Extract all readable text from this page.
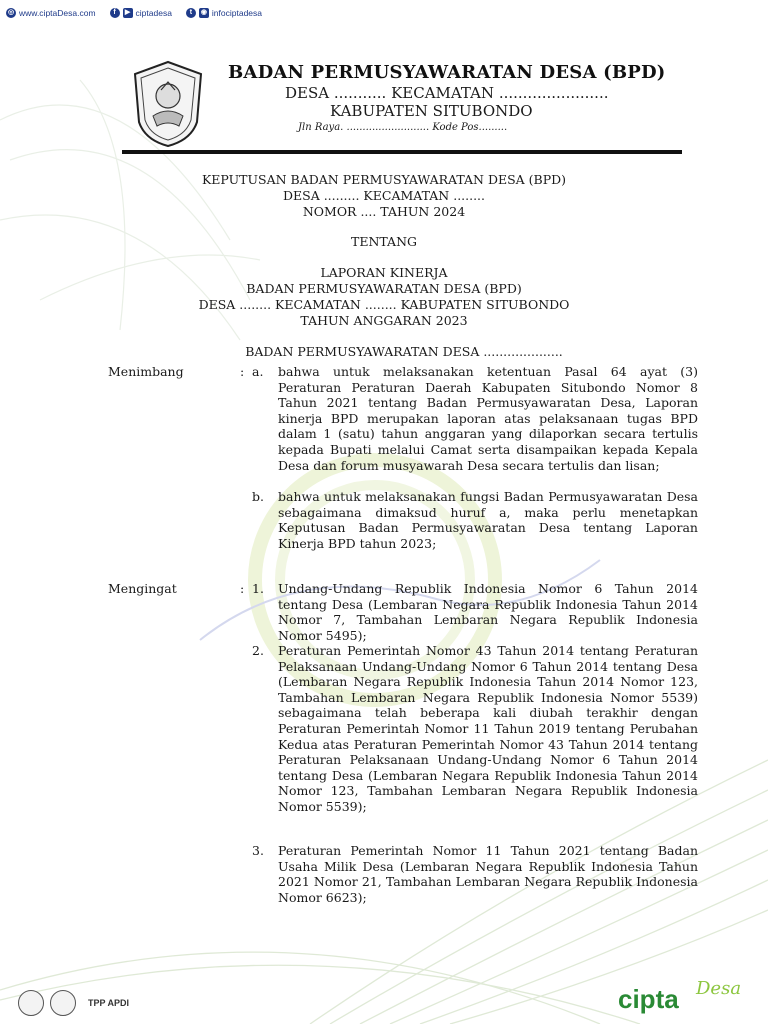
◎ www.ciptaDesa.com	f	▶ ciptadesa	t	◉ infociptadesa
BADAN PERMUSYAWARATAN DESA (BPD)
DESA ........... KECAMATAN .......................
KABUPATEN SITUBONDO
Jln Raya. .......................... Kode Pos.........
KEPUTUSAN BADAN PERMUSYAWARATAN DESA (BPD)
DESA ......... KECAMATAN ........
NOMOR .... TAHUN 2024
TENTANG
LAPORAN KINERJA
BADAN PERMUSYAWARATAN DESA (BPD)
DESA ........ KECAMATAN ........ KABUPATEN SITUBONDO
TAHUN ANGGARAN 2023
BADAN PERMUSYAWARATAN DESA ....................
Menimbang	: a. bahwa untuk melaksanakan ketentuan Pasal 64 ayat (3) Peraturan Peraturan Daerah Kabupaten Situbondo Nomor 8 Tahun 2021 tentang Badan Permusyawaratan Desa, Laporan kinerja BPD merupakan laporan atas pelaksanaan tugas BPD dalam 1 (satu) tahun anggaran yang dilaporkan secara tertulis kepada Bupati melalui Camat serta disampaikan kepada Kepala Desa dan forum musyawarah Desa secara tertulis dan lisan;
b. bahwa untuk melaksanakan fungsi Badan Permusyawaratan Desa sebagaimana dimaksud huruf a, maka perlu menetapkan Keputusan Badan Permusyawaratan Desa tentang Laporan Kinerja BPD tahun 2023;
Mengingat	: 1. Undang-Undang Republik Indonesia Nomor 6 Tahun 2014 tentang Desa (Lembaran Negara Republik Indonesia Tahun 2014 Nomor 7, Tambahan Lembaran Negara Republik Indonesia Nomor 5495);
2. Peraturan Pemerintah Nomor 43 Tahun 2014 tentang Peraturan Pelaksanaan Undang-Undang Nomor 6 Tahun 2014 tentang Desa (Lembaran Negara Republik Indonesia Tahun 2014 Nomor 123, Tambahan Lembaran Negara Republik Indonesia Nomor 5539) sebagaimana telah beberapa kali diubah terakhir dengan Peraturan Pemerintah Nomor 11 Tahun 2019 tentang Perubahan Kedua atas Peraturan Pemerintah Nomor 43 Tahun 2014 tentang Peraturan Pelaksanaan Undang-Undang Nomor 6 Tahun 2014 tentang Desa (Lembaran Negara Republik Indonesia Tahun 2014 Nomor 123, Tambahan Lembaran Negara Republik Indonesia Nomor 5539);
3. Peraturan Pemerintah Nomor 11 Tahun 2021 tentang Badan Usaha Milik Desa (Lembaran Negara Republik Indonesia Tahun 2021 Nomor 21, Tambahan Lembaran Negara Republik Indonesia Nomor 6623);
TPP APDI	cipta Desa
